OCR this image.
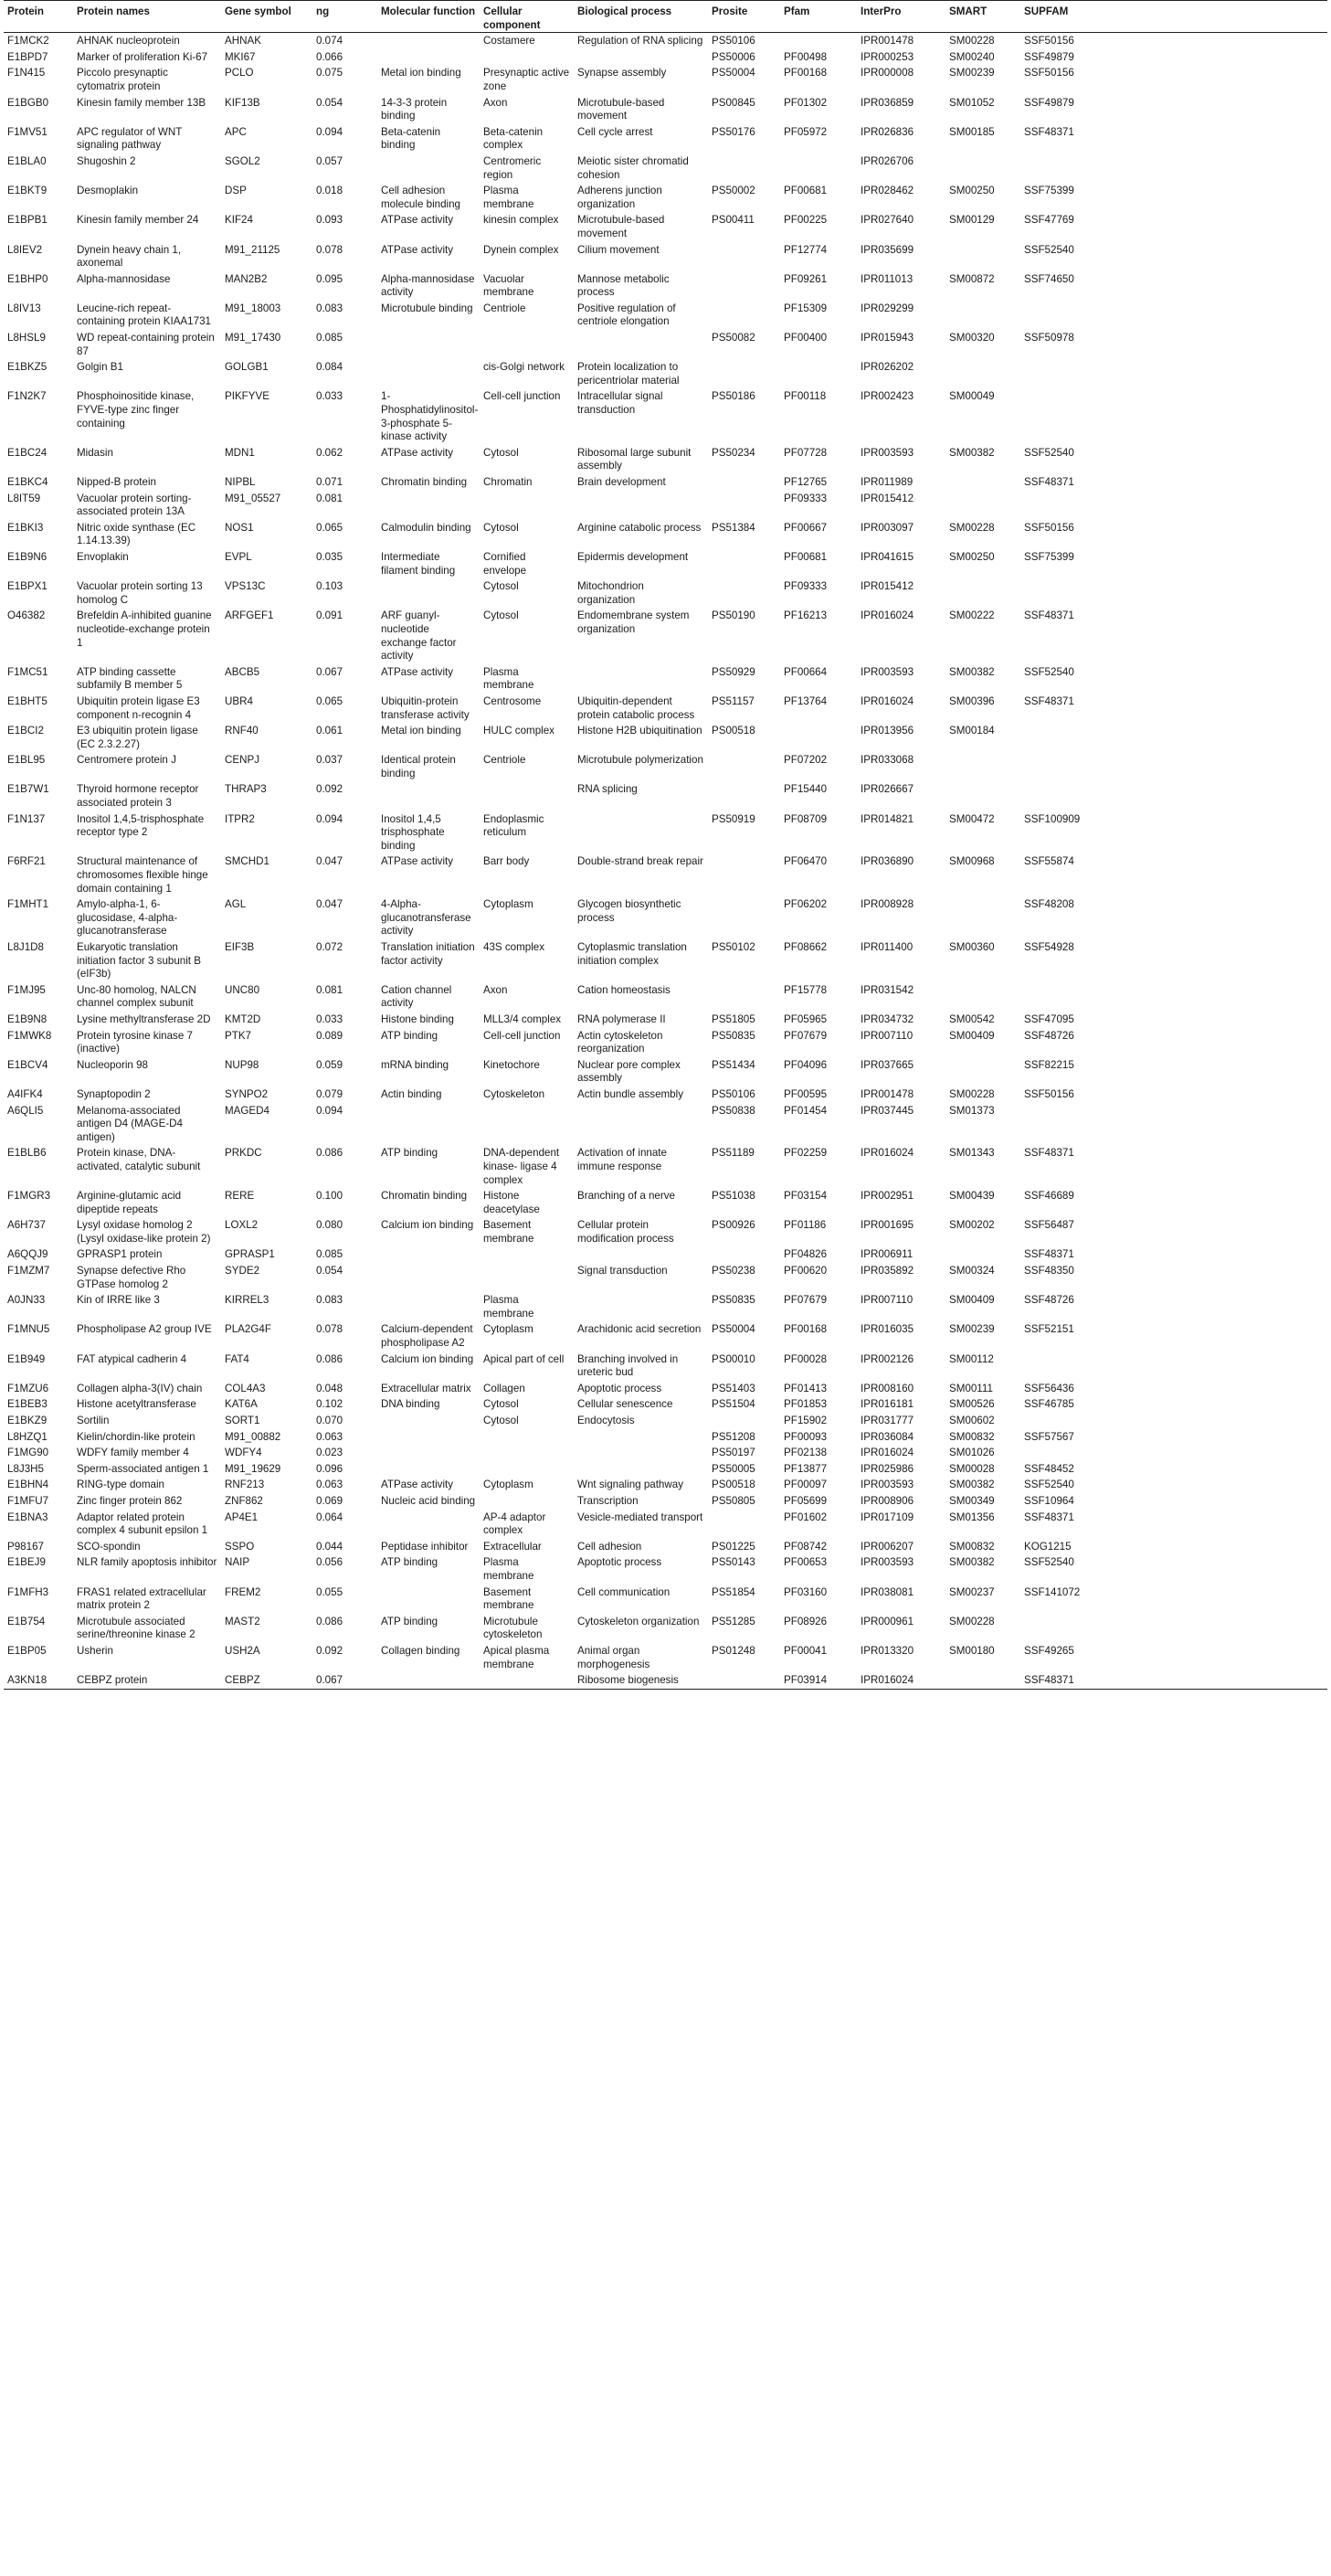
Protein	Protein names	Gene symbol	ng	Molecular function	Cellular component	Biological process	Prosite	Pfam	InterPro	SMART	SUPFAM
F1MCK2	AHNAK nucleoprotein	AHNAK	0.074		Costamere	Regulation of RNA splicing	PS50106		IPR001478	SM00228	SSF50156
E1BPD7	Marker of proliferation Ki-67	MKI67	0.066				PS50006	PF00498	IPR000253	SM00240	SSF49879
F1N415	Piccolo presynaptic cytomatrix protein	PCLO	0.075	Metal ion binding	Presynaptic active zone	Synapse assembly	PS50004	PF00168	IPR000008	SM00239	SSF50156
E1BGB0	Kinesin family member 13B	KIF13B	0.054	14-3-3 protein binding	Axon	Microtubule-based movement	PS00845	PF01302	IPR036859	SM01052	SSF49879
F1MV51	APC regulator of WNT signaling pathway	APC	0.094	Beta-catenin binding	Beta-catenin complex	Cell cycle arrest	PS50176	PF05972	IPR026836	SM00185	SSF48371
E1BLA0	Shugoshin 2	SGOL2	0.057		Centromeric region	Meiotic sister chromatid cohesion			IPR026706		
E1BKT9	Desmoplakin	DSP	0.018	Cell adhesion molecule binding	Plasma membrane	Adherens junction organization	PS50002	PF00681	IPR028462	SM00250	SSF75399
E1BPB1	Kinesin family member 24	KIF24	0.093	ATPase activity	kinesin complex	Microtubule-based movement	PS00411	PF00225	IPR027640	SM00129	SSF47769
L8IEV2	Dynein heavy chain 1, axonemal	M91_21125	0.078	ATPase activity	Dynein complex	Cilium movement		PF12774	IPR035699		SSF52540
E1BHP0	Alpha-mannosidase	MAN2B2	0.095	Alpha-mannosidase activity	Vacuolar membrane	Mannose metabolic process		PF09261	IPR011013	SM00872	SSF74650
L8IV13	Leucine-rich repeat-containing protein KIAA1731	M91_18003	0.083	Microtubule binding	Centriole	Positive regulation of centriole elongation		PF15309	IPR029299		
L8HSL9	WD repeat-containing protein 87	M91_17430	0.085				PS50082	PF00400	IPR015943	SM00320	SSF50978
E1BKZ5	Golgin B1	GOLGB1	0.084		cis-Golgi network	Protein localization to pericentriolar material			IPR026202		
F1N2K7	Phosphoinositide kinase, FYVE-type zinc finger containing	PIKFYVE	0.033	1-Phosphatidylinositol-3-phosphate 5-kinase activity	Cell-cell junction	Intracellular signal transduction	PS50186	PF00118	IPR002423	SM00049	
E1BC24	Midasin	MDN1	0.062	ATPase activity	Cytosol	Ribosomal large subunit assembly	PS50234	PF07728	IPR003593	SM00382	SSF52540
E1BKC4	Nipped-B protein	NIPBL	0.071	Chromatin binding	Chromatin	Brain development		PF12765	IPR011989		SSF48371
L8IT59	Vacuolar protein sorting-associated protein 13A	M91_05527	0.081					PF09333	IPR015412		
E1BKI3	Nitric oxide synthase (EC 1.14.13.39)	NOS1	0.065	Calmodulin binding	Cytosol	Arginine catabolic process	PS51384	PF00667	IPR003097	SM00228	SSF50156
E1B9N6	Envoplakin	EVPL	0.035	Intermediate filament binding	Cornified envelope	Epidermis development		PF00681	IPR041615	SM00250	SSF75399
E1BPX1	Vacuolar protein sorting 13 homolog C	VPS13C	0.103		Cytosol	Mitochondrion organization		PF09333	IPR015412		
O46382	Brefeldin A-inhibited guanine nucleotide-exchange protein 1	ARFGEF1	0.091	ARF guanyl-nucleotide exchange factor activity	Cytosol	Endomembrane system organization	PS50190	PF16213	IPR016024	SM00222	SSF48371
F1MC51	ATP binding cassette subfamily B member 5	ABCB5	0.067	ATPase activity	Plasma membrane		PS50929	PF00664	IPR003593	SM00382	SSF52540
E1BHT5	Ubiquitin protein ligase E3 component n-recognin 4	UBR4	0.065	Ubiquitin-protein transferase activity	Centrosome	Ubiquitin-dependent protein catabolic process	PS51157	PF13764	IPR016024	SM00396	SSF48371
E1BCI2	E3 ubiquitin protein ligase (EC 2.3.2.27)	RNF40	0.061	Metal ion binding	HULC complex	Histone H2B ubiquitination	PS00518		IPR013956	SM00184	
E1BL95	Centromere protein J	CENPJ	0.037	Identical protein binding	Centriole	Microtubule polymerization		PF07202	IPR033068		
E1B7W1	Thyroid hormone receptor associated protein 3	THRAP3	0.092			RNA splicing		PF15440	IPR026667		
F1N137	Inositol 1,4,5-trisphosphate receptor type 2	ITPR2	0.094	Inositol 1,4,5 trisphosphate binding	Endoplasmic reticulum		PS50919	PF08709	IPR014821	SM00472	SSF100909
F6RF21	Structural maintenance of chromosomes flexible hinge domain containing 1	SMCHD1	0.047	ATPase activity	Barr body	Double-strand break repair		PF06470	IPR036890	SM00968	SSF55874
F1MHT1	Amylo-alpha-1, 6-glucosidase, 4-alpha-glucanotransferase	AGL	0.047	4-Alpha-glucanotransferase activity	Cytoplasm	Glycogen biosynthetic process		PF06202	IPR008928		SSF48208
L8J1D8	Eukaryotic translation initiation factor 3 subunit B (eIF3b)	EIF3B	0.072	Translation initiation factor activity	43S complex	Cytoplasmic translation initiation complex	PS50102	PF08662	IPR011400	SM00360	SSF54928
F1MJ95	Unc-80 homolog, NALCN channel complex subunit	UNC80	0.081	Cation channel activity	Axon	Cation homeostasis		PF15778	IPR031542		
E1B9N8	Lysine methyltransferase 2D	KMT2D	0.033	Histone binding	MLL3/4 complex	RNA polymerase II	PS51805	PF05965	IPR034732	SM00542	SSF47095
F1MWK8	Protein tyrosine kinase 7 (inactive)	PTK7	0.089	ATP binding	Cell-cell junction	Actin cytoskeleton reorganization	PS50835	PF07679	IPR007110	SM00409	SSF48726
E1BCV4	Nucleoporin 98	NUP98	0.059	mRNA binding	Kinetochore	Nuclear pore complex assembly	PS51434	PF04096	IPR037665		SSF82215
A4IFK4	Synaptopodin 2	SYNPO2	0.079	Actin binding	Cytoskeleton	Actin bundle assembly	PS50106	PF00595	IPR001478	SM00228	SSF50156
A6QLI5	Melanoma-associated antigen D4 (MAGE-D4 antigen)	MAGED4	0.094				PS50838	PF01454	IPR037445	SM01373	
E1BLB6	Protein kinase, DNA-activated, catalytic subunit	PRKDC	0.086	ATP binding	DNA-dependent kinase- ligase 4 complex	Activation of innate immune response	PS51189	PF02259	IPR016024	SM01343	SSF48371
F1MGR3	Arginine-glutamic acid dipeptide repeats	RERE	0.100	Chromatin binding	Histone deacetylase	Branching of a nerve	PS51038	PF03154	IPR002951	SM00439	SSF46689
A6H737	Lysyl oxidase homolog 2 (Lysyl oxidase-like protein 2)	LOXL2	0.080	Calcium ion binding	Basement membrane	Cellular protein modification process	PS00926	PF01186	IPR001695	SM00202	SSF56487
A6QQJ9	GPRASP1 protein	GPRASP1	0.085					PF04826	IPR006911		SSF48371
F1MZM7	Synapse defective Rho GTPase homolog 2	SYDE2	0.054			Signal transduction	PS50238	PF00620	IPR035892	SM00324	SSF48350
A0JN33	Kin of IRRE like 3	KIRREL3	0.083		Plasma membrane		PS50835	PF07679	IPR007110	SM00409	SSF48726
F1MNU5	Phospholipase A2 group IVE	PLA2G4F	0.078	Calcium-dependent phospholipase A2	Cytoplasm	Arachidonic acid secretion	PS50004	PF00168	IPR016035	SM00239	SSF52151
E1B949	FAT atypical cadherin 4	FAT4	0.086	Calcium ion binding	Apical part of cell	Branching involved in ureteric bud	PS00010	PF00028	IPR002126	SM00112	
F1MZU6	Collagen alpha-3(IV) chain	COL4A3	0.048	Extracellular matrix	Collagen	Apoptotic process	PS51403	PF01413	IPR008160	SM00111	SSF56436
E1BEB3	Histone acetyltransferase	KAT6A	0.102	DNA binding	Cytosol	Cellular senescence	PS51504	PF01853	IPR016181	SM00526	SSF46785
E1BKZ9	Sortilin	SORT1	0.070		Cytosol	Endocytosis		PF15902	IPR031777	SM00602	
L8HZQ1	Kielin/chordin-like protein	M91_00882	0.063				PS51208	PF00093	IPR036084	SM00832	SSF57567
F1MG90	WDFY family member 4	WDFY4	0.023				PS50197	PF02138	IPR016024	SM01026	
L8J3H5	Sperm-associated antigen 1	M91_19629	0.096				PS50005	PF13877	IPR025986	SM00028	SSF48452
E1BHN4	RING-type domain	RNF213	0.063	ATPase activity	Cytoplasm	Wnt signaling pathway	PS00518	PF00097	IPR003593	SM00382	SSF52540
F1MFU7	Zinc finger protein 862	ZNF862	0.069	Nucleic acid binding		Transcription	PS50805	PF05699	IPR008906	SM00349	SSF10964
E1BNA3	Adaptor related protein complex 4 subunit epsilon 1	AP4E1	0.064		AP-4 adaptor complex	Vesicle-mediated transport		PF01602	IPR017109	SM01356	SSF48371
P98167	SCO-spondin	SSPO	0.044	Peptidase inhibitor	Extracellular	Cell adhesion	PS01225	PF08742	IPR006207	SM00832	KOG1215
E1BEJ9	NLR family apoptosis inhibitor	NAIP	0.056	ATP binding	Plasma membrane	Apoptotic process	PS50143	PF00653	IPR003593	SM00382	SSF52540
F1MFH3	FRAS1 related extracellular matrix protein 2	FREM2	0.055		Basement membrane	Cell communication	PS51854	PF03160	IPR038081	SM00237	SSF141072
E1B754	Microtubule associated serine/threonine kinase 2	MAST2	0.086	ATP binding	Microtubule cytoskeleton	Cytoskeleton organization	PS51285	PF08926	IPR000961	SM00228	
E1BP05	Usherin	USH2A	0.092	Collagen binding	Apical plasma membrane	Animal organ morphogenesis	PS01248	PF00041	IPR013320	SM00180	SSF49265
A3KN18	CEBPZ protein	CEBPZ	0.067			Ribosome biogenesis		PF03914	IPR016024		SSF48371
